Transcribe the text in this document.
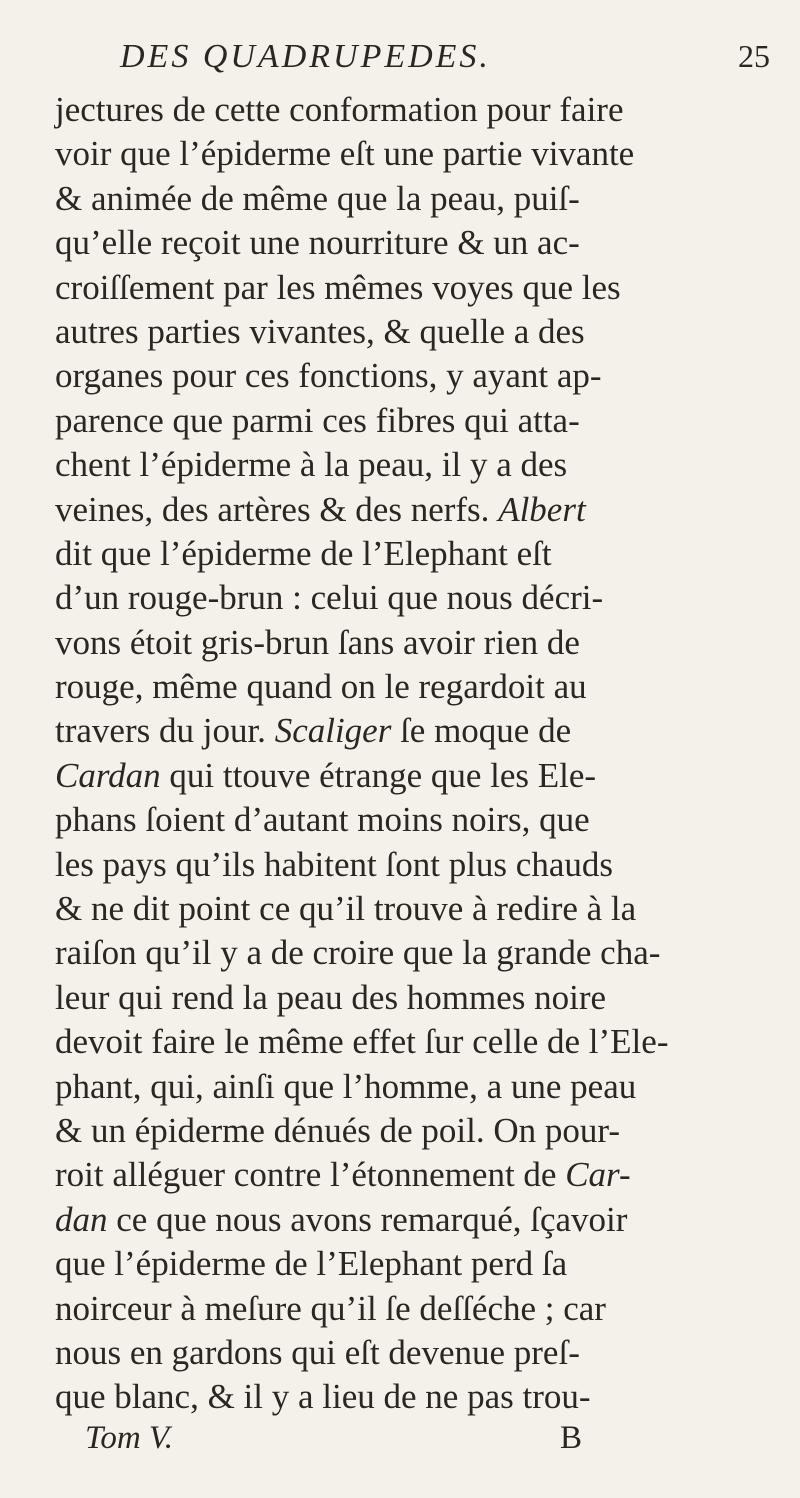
DES QUADRUPEDES.	25
jectures de cette conformation pour faire
voir que l’épiderme eſt une partie vivante
& animée de même que la peau, puiſ-
qu’elle reçoit une nourriture & un ac-
croiſſement par les mêmes voyes que les
autres parties vivantes, & quelle a des
organes pour ces fonctions, y ayant ap-
parence que parmi ces fibres qui atta-
chent l’épiderme à la peau, il y a des
veines, des artères & des nerfs. Albert
dit que l’épiderme de l’Elephant eſt
d’un rouge-brun : celui que nous décri-
vons étoit gris-brun ſans avoir rien de
rouge, même quand on le regardoit au
travers du jour. Scaliger ſe moque de
Cardan qui ttouve étrange que les Ele-
phans ſoient d’autant moins noirs, que
les pays qu’ils habitent ſont plus chauds
& ne dit point ce qu’il trouve à redire à la
raiſon qu’il y a de croire que la grande cha-
leur qui rend la peau des hommes noire
devoit faire le même effet ſur celle de l’Ele-
phant, qui, ainſi que l’homme, a une peau
& un épiderme dénués de poil. On pour-
roit alléguer contre l’étonnement de Car-
dan ce que nous avons remarqué, ſçavoir
que l’épiderme de l’Elephant perd ſa
noirceur à meſure qu’il ſe deſſéche ; car
nous en gardons qui eſt devenue preſ-
que blanc, & il y a lieu de ne pas trou-
Tom V.	B
